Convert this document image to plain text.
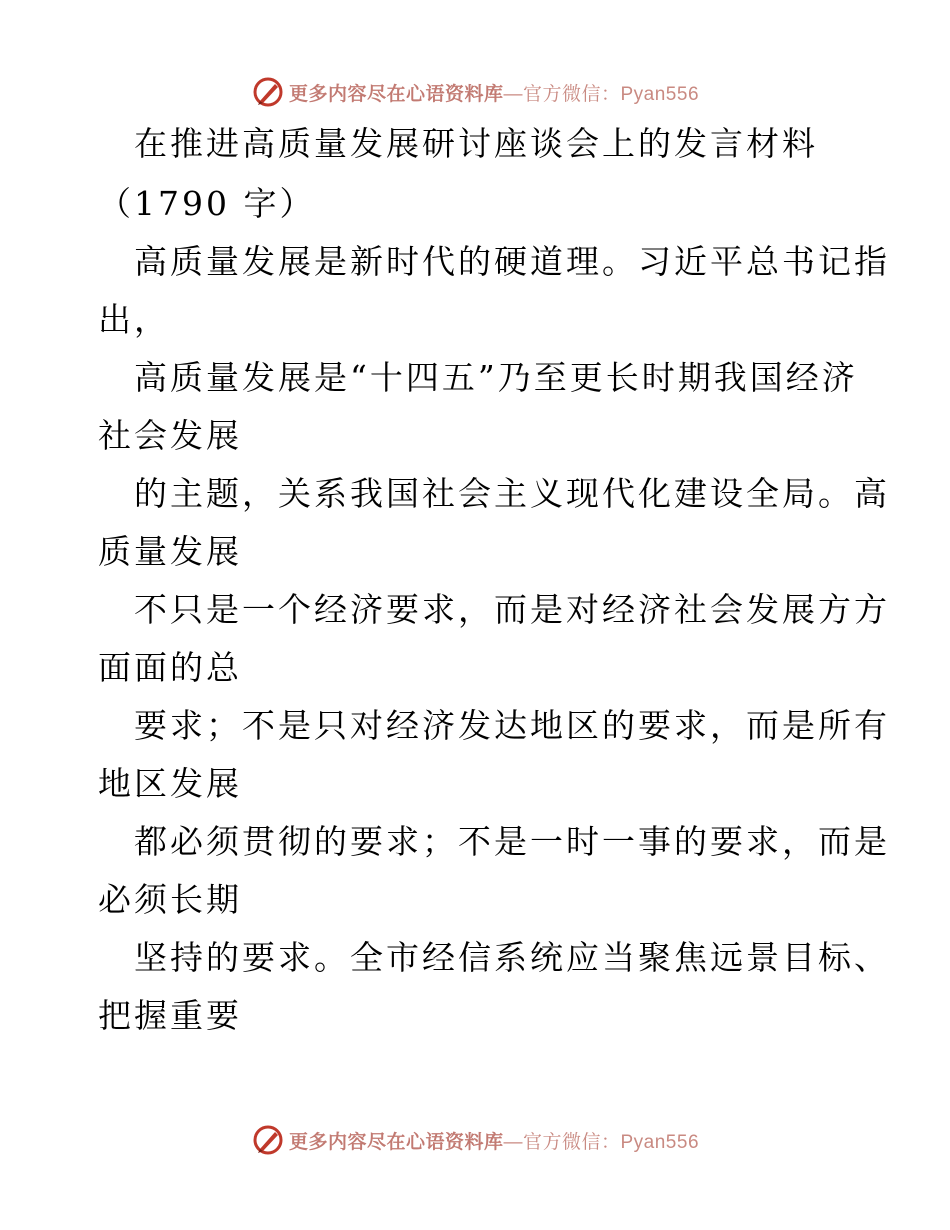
更多内容尽在心语资料库—官方微信：Pyan556
在推进高质量发展研讨座谈会上的发言材料
（1790 字）
高质量发展是新时代的硬道理。习近平总书记指
出，
高质量发展是“十四五”乃至更长时期我国经济
社会发展
的主题，关系我国社会主义现代化建设全局。高
质量发展
不只是一个经济要求，而是对经济社会发展方方
面面的总
要求；不是只对经济发达地区的要求，而是所有
地区发展
都必须贯彻的要求；不是一时一事的要求，而是
必须长期
坚持的要求。全市经信系统应当聚焦远景目标、
把握重要
更多内容尽在心语资料库—官方微信：Pyan556
